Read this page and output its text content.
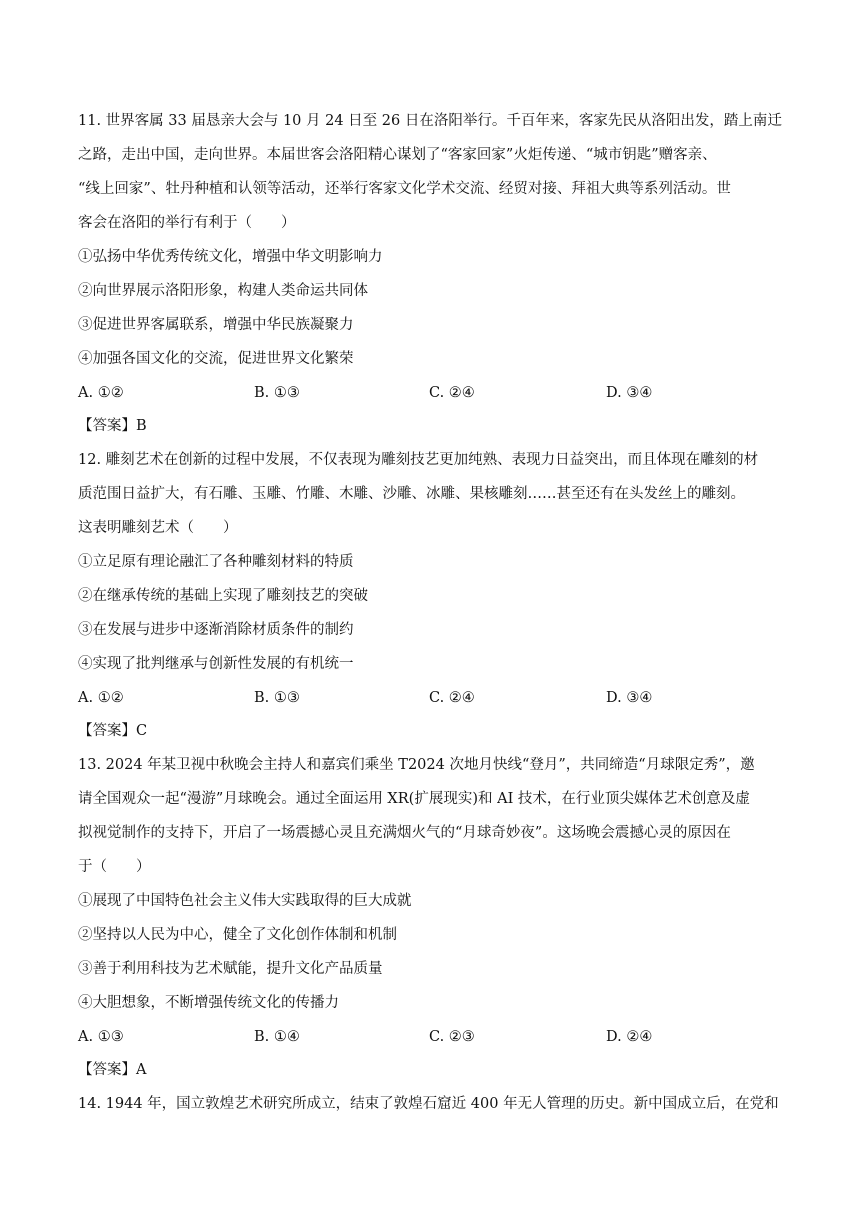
11. 世界客属 33 届恳亲大会与 10 月 24 日至 26 日在洛阳举行。千百年来，客家先民从洛阳出发，踏上南迁
之路，走出中国，走向世界。本届世客会洛阳精心谋划了“客家回家”火炬传递、“城市钥匙”赠客亲、
“线上回家”、牡丹种植和认领等活动，还举行客家文化学术交流、经贸对接、拜祖大典等系列活动。世
客会在洛阳的举行有利于（　　）
①弘扬中华优秀传统文化，增强中华文明影响力
②向世界展示洛阳形象，构建人类命运共同体
③促进世界客属联系，增强中华民族凝聚力
④加强各国文化的交流，促进世界文化繁荣
A. ①②	B. ①③	C. ②④	D. ③④
【答案】B
12. 雕刻艺术在创新的过程中发展，不仅表现为雕刻技艺更加纯熟、表现力日益突出，而且体现在雕刻的材
质范围日益扩大，有石雕、玉雕、竹雕、木雕、沙雕、冰雕、果核雕刻……甚至还有在头发丝上的雕刻。
这表明雕刻艺术（　　）
①立足原有理论融汇了各种雕刻材料的特质
②在继承传统的基础上实现了雕刻技艺的突破
③在发展与进步中逐渐消除材质条件的制约
④实现了批判继承与创新性发展的有机统一
A. ①②	B. ①③	C. ②④	D. ③④
【答案】C
13. 2024 年某卫视中秋晚会主持人和嘉宾们乘坐 T2024 次地月快线“登月”，共同缔造“月球限定秀”，邀
请全国观众一起“漫游”月球晚会。通过全面运用 XR(扩展现实)和 AI 技术，在行业顶尖媒体艺术创意及虚
拟视觉制作的支持下，开启了一场震撼心灵且充满烟火气的“月球奇妙夜”。这场晚会震撼心灵的原因在
于（　　）
①展现了中国特色社会主义伟大实践取得的巨大成就
②坚持以人民为中心，健全了文化创作体制和机制
③善于利用科技为艺术赋能，提升文化产品质量
④大胆想象，不断增强传统文化的传播力
A. ①③	B. ①④	C. ②③	D. ②④
【答案】A
14. 1944 年，国立敦煌艺术研究所成立，结束了敦煌石窟近 400 年无人管理的历史。新中国成立后，在党和
